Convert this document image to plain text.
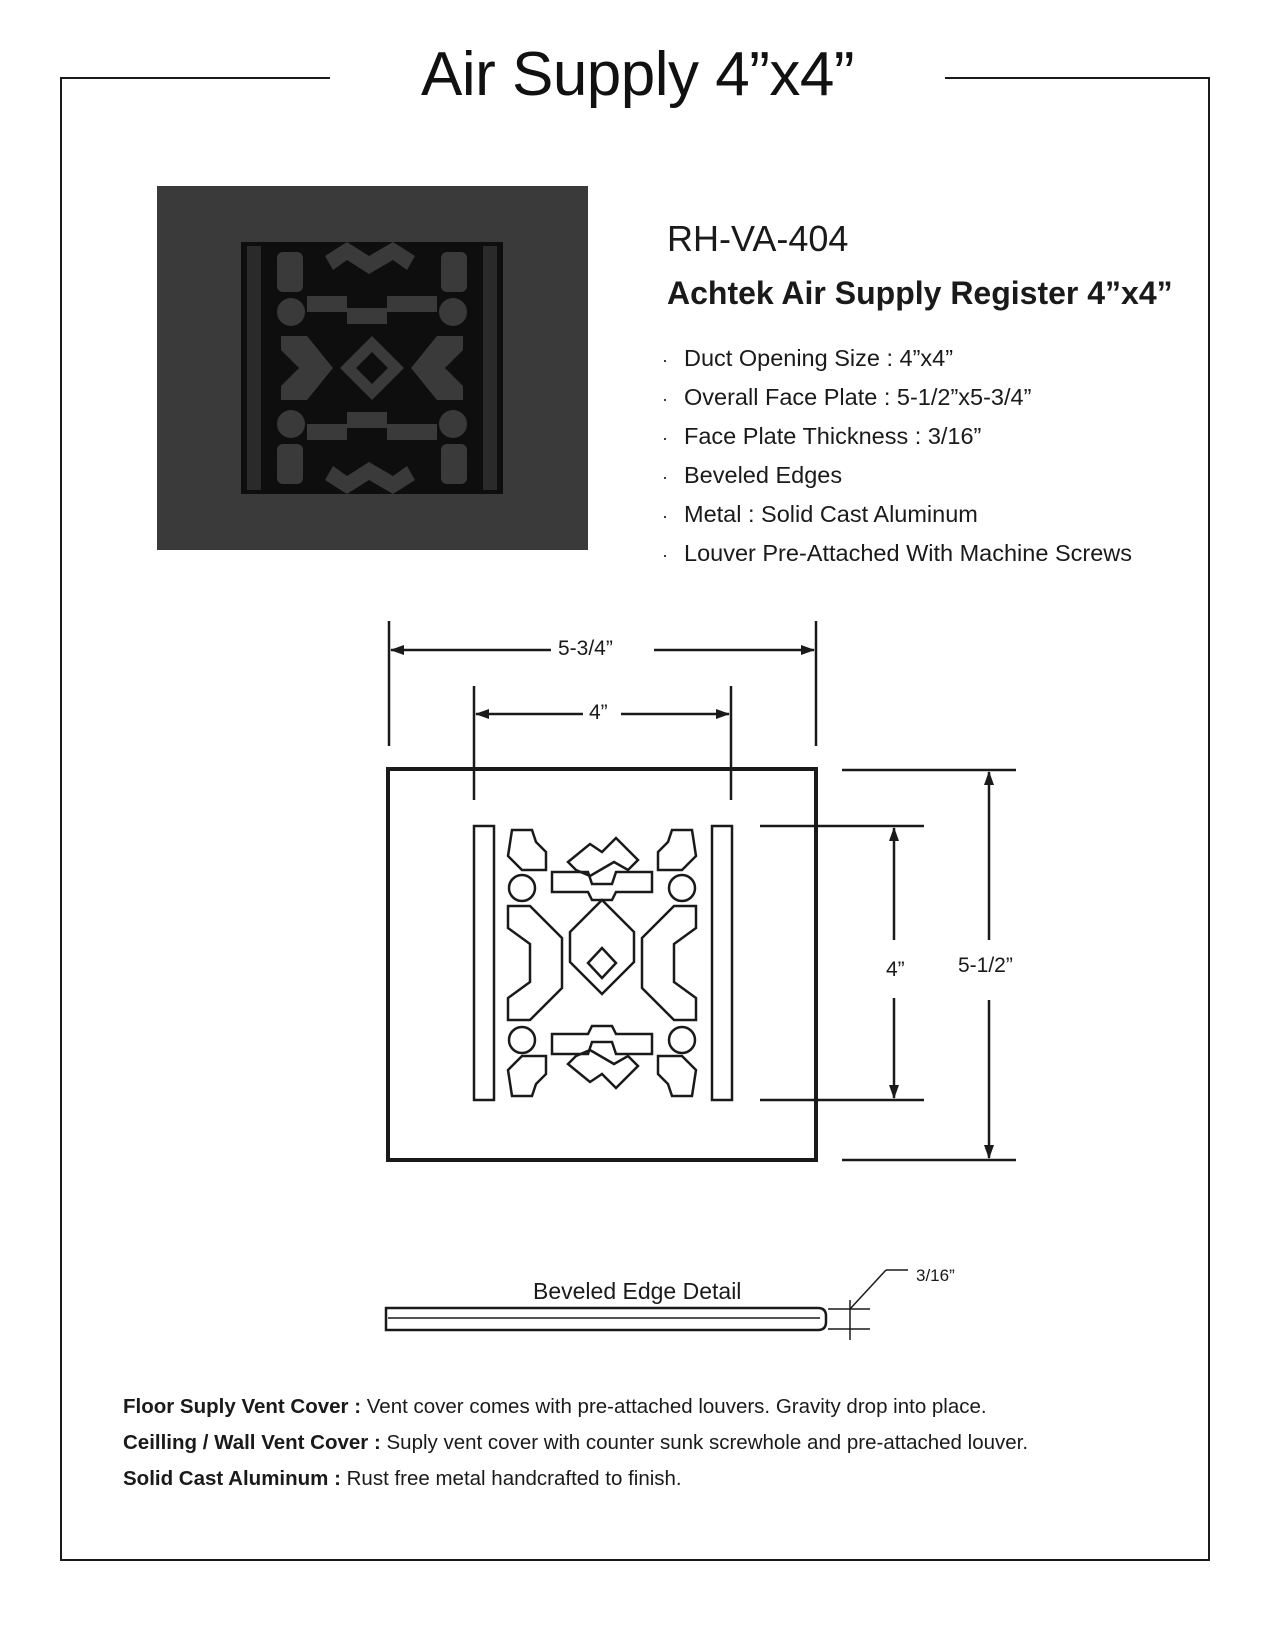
Air Supply 4”x4”
RH-VA-404
Achtek Air Supply Register 4”x4”
· Duct Opening Size : 4”x4”
· Overall Face Plate : 5-1/2”x5-3/4”
· Face Plate Thickness : 3/16”
· Beveled Edges
· Metal : Solid Cast Aluminum
· Louver Pre-Attached With Machine Screws
5-3/4”
4”
4”	5-1/2”
Beveled Edge Detail
3/16”

Floor Suply Vent Cover : Vent cover comes with pre-attached louvers. Gravity drop into place.

Ceilling / Wall Vent Cover : Suply vent cover with counter sunk screwhole and pre-attached louver.

Solid Cast Aluminum : Rust free metal handcrafted to finish.
